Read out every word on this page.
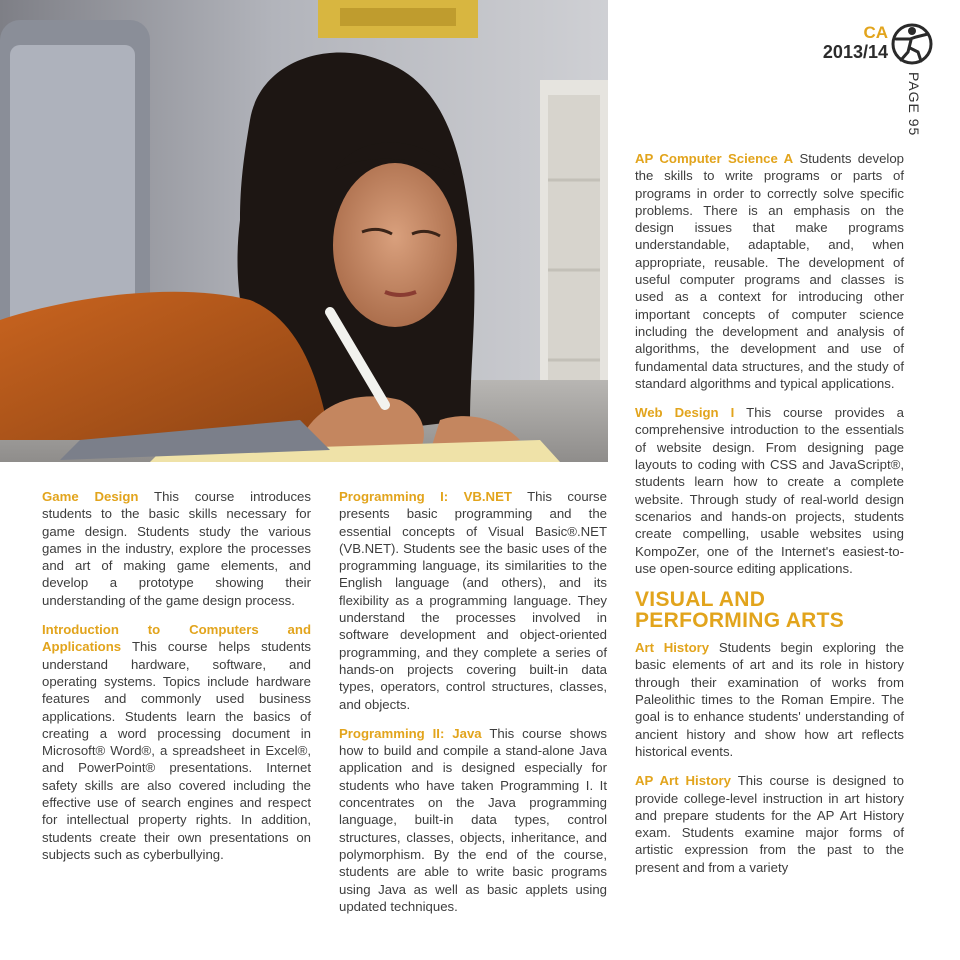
CA
2013/14
PAGE 95

Game Design This course introduces students to the basic skills necessary for game design. Students study the various games in the industry, explore the processes and art of making game elements, and develop a prototype showing their understanding of the game design process.

Introduction to Computers and Applications This course helps students understand hardware, software, and operating systems. Topics include hardware features and commonly used business applications. Students learn the basics of creating a word processing document in Microsoft® Word®, a spreadsheet in Excel®, and PowerPoint® presentations. Internet safety skills are also covered including the effective use of search engines and respect for intellectual property rights. In addition, students create their own presentations on subjects such as cyberbullying.

Programming I: VB.NET This course presents basic programming and the essential concepts of Visual Basic®.NET (VB.NET). Students see the basic uses of the programming language, its similarities to the English language (and others), and its flexibility as a programming language. They understand the processes involved in software development and object-oriented programming, and they complete a series of hands-on projects covering built-in data types, operators, control structures, classes, and objects.

Programming II: Java This course shows how to build and compile a stand-alone Java application and is designed especially for students who have taken Programming I. It concentrates on the Java programming language, built-in data types, control structures, classes, objects, inheritance, and polymorphism. By the end of the course, students are able to write basic programs using Java as well as basic applets using updated techniques.

AP Computer Science A Students develop the skills to write programs or parts of programs in order to correctly solve specific problems. There is an emphasis on the design issues that make programs understandable, adaptable, and, when appropriate, reusable. The development of useful computer programs and classes is used as a context for introducing other important concepts of computer science including the development and analysis of algorithms, the development and use of fundamental data structures, and the study of standard algorithms and typical applications.

Web Design I This course provides a comprehensive introduction to the essentials of website design. From designing page layouts to coding with CSS and JavaScript®, students learn how to create a complete website. Through study of real-world design scenarios and hands-on projects, students create compelling, usable websites using KompoZer, one of the Internet's easiest-to-use open-source editing applications.

VISUAL AND
PERFORMING ARTS

Art History Students begin exploring the basic elements of art and its role in history through their examination of works from Paleolithic times to the Roman Empire. The goal is to enhance students' understanding of ancient history and show how art reflects historical events.

AP Art History This course is designed to provide college-level instruction in art history and prepare students for the AP Art History exam. Students examine major forms of artistic expression from the past to the present and from a variety
